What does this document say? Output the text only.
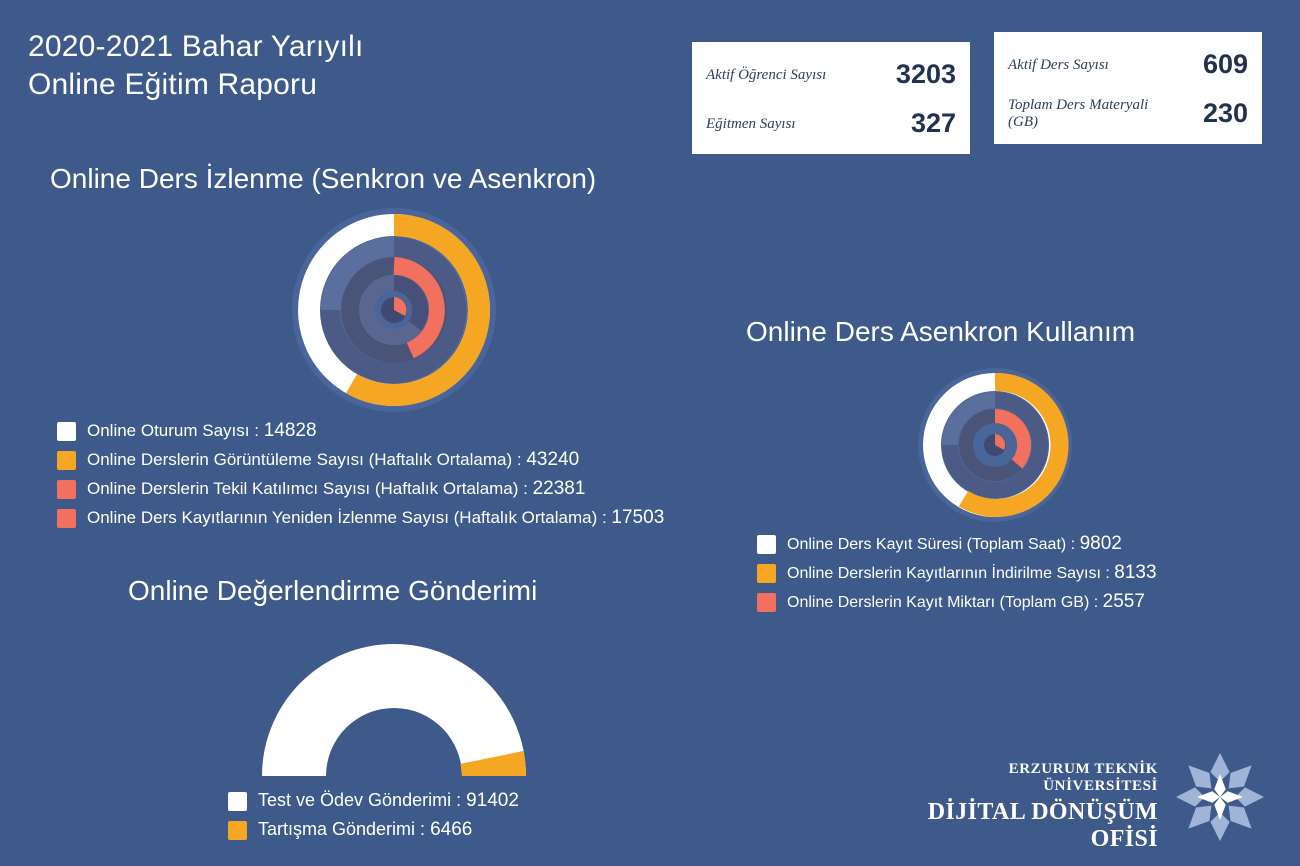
2020-2021 Bahar Yarıyılı
Online Eğitim Raporu	Aktif Öğrenci Sayısı	3203
Eğitmen Sayısı	327
Aktif Ders Sayısı	609
Toplam Ders Materyali (GB)	230
Online Ders İzlenme (Senkron ve Asenkron)
Online Oturum Sayısı : 14828
Online Derslerin Görüntüleme Sayısı (Haftalık Ortalama) : 43240
Online Derslerin Tekil Katılımcı Sayısı (Haftalık Ortalama) : 22381
Online Ders Kayıtlarının Yeniden İzlenme Sayısı (Haftalık Ortalama) : 17503
Online Ders Asenkron Kullanım
Online Ders Kayıt Süresi (Toplam Saat) : 9802
Online Derslerin Kayıtlarının İndirilme Sayısı : 8133
Online Derslerin Kayıt Miktarı (Toplam GB) : 2557
Online Değerlendirme Gönderimi
Test ve Ödev Gönderimi : 91402
Tartışma Gönderimi : 6466
ERZURUM TEKNİK ÜNİVERSİTESİ
DİJİTAL DÖNÜŞÜM OFİSİ
